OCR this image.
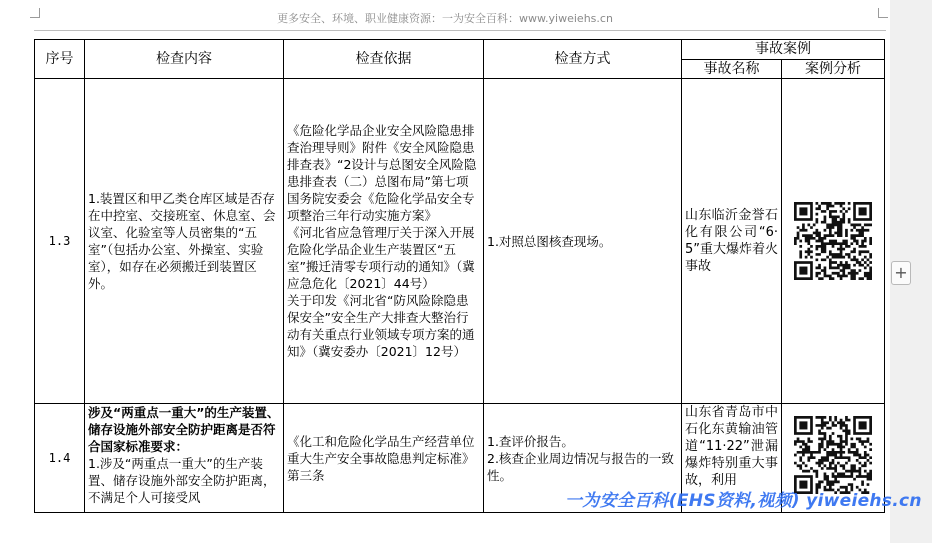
更多安全、环境、职业健康资源：一为安全百科：www.yiweiehs.cn
序号	检查内容	检查依据	检查方式	事故案例	
				事故名称	案例分析
1.3	1.装置区和甲乙类仓库区域是否存在中控室、交接班室、休息室、会议室、化验室等人员密集的“五室”（包括办公室、外操室、实验室），如存在必须搬迁到装置区外。	《危险化学品企业安全风险隐患排查治理导则》附件《安全风险隐患排查表》“2设计与总图安全风险隐患排查表（二）总图布局”第七项
国务院安委会《危险化学品安全专项整治三年行动实施方案》
《河北省应急管理厅关于深入开展危险化学品企业生产装置区“五室”搬迁清零专项行动的通知》（冀应急危化〔2021〕44号）
关于印发《河北省“防风险除隐患保安全”安全生产大排查大整治行动有关重点行业领域专项方案的通知》（冀安委办〔2021〕12号）	1.对照总图核查现场。	山东临沂金誉石化有限公司“6·5”重大爆炸着火事故	

1.4	涉及“两重点一重大”的生产装置、储存设施外部安全防护距离是否符合国家标准要求：
1.涉及“两重点一重大”的生产装置、储存设施外部安全防护距离，不满足个人可接受风	《化工和危险化学品生产经营单位重大生产安全事故隐患判定标准》第三条	1.查评价报告。
2.核查企业周边情况与报告的一致性。	山东省青岛市中石化东黄输油管道“11·22”泄漏爆炸特别重大事故，利用	
+
一为安全百科(EHS资料,视频) yiweiehs.cn
